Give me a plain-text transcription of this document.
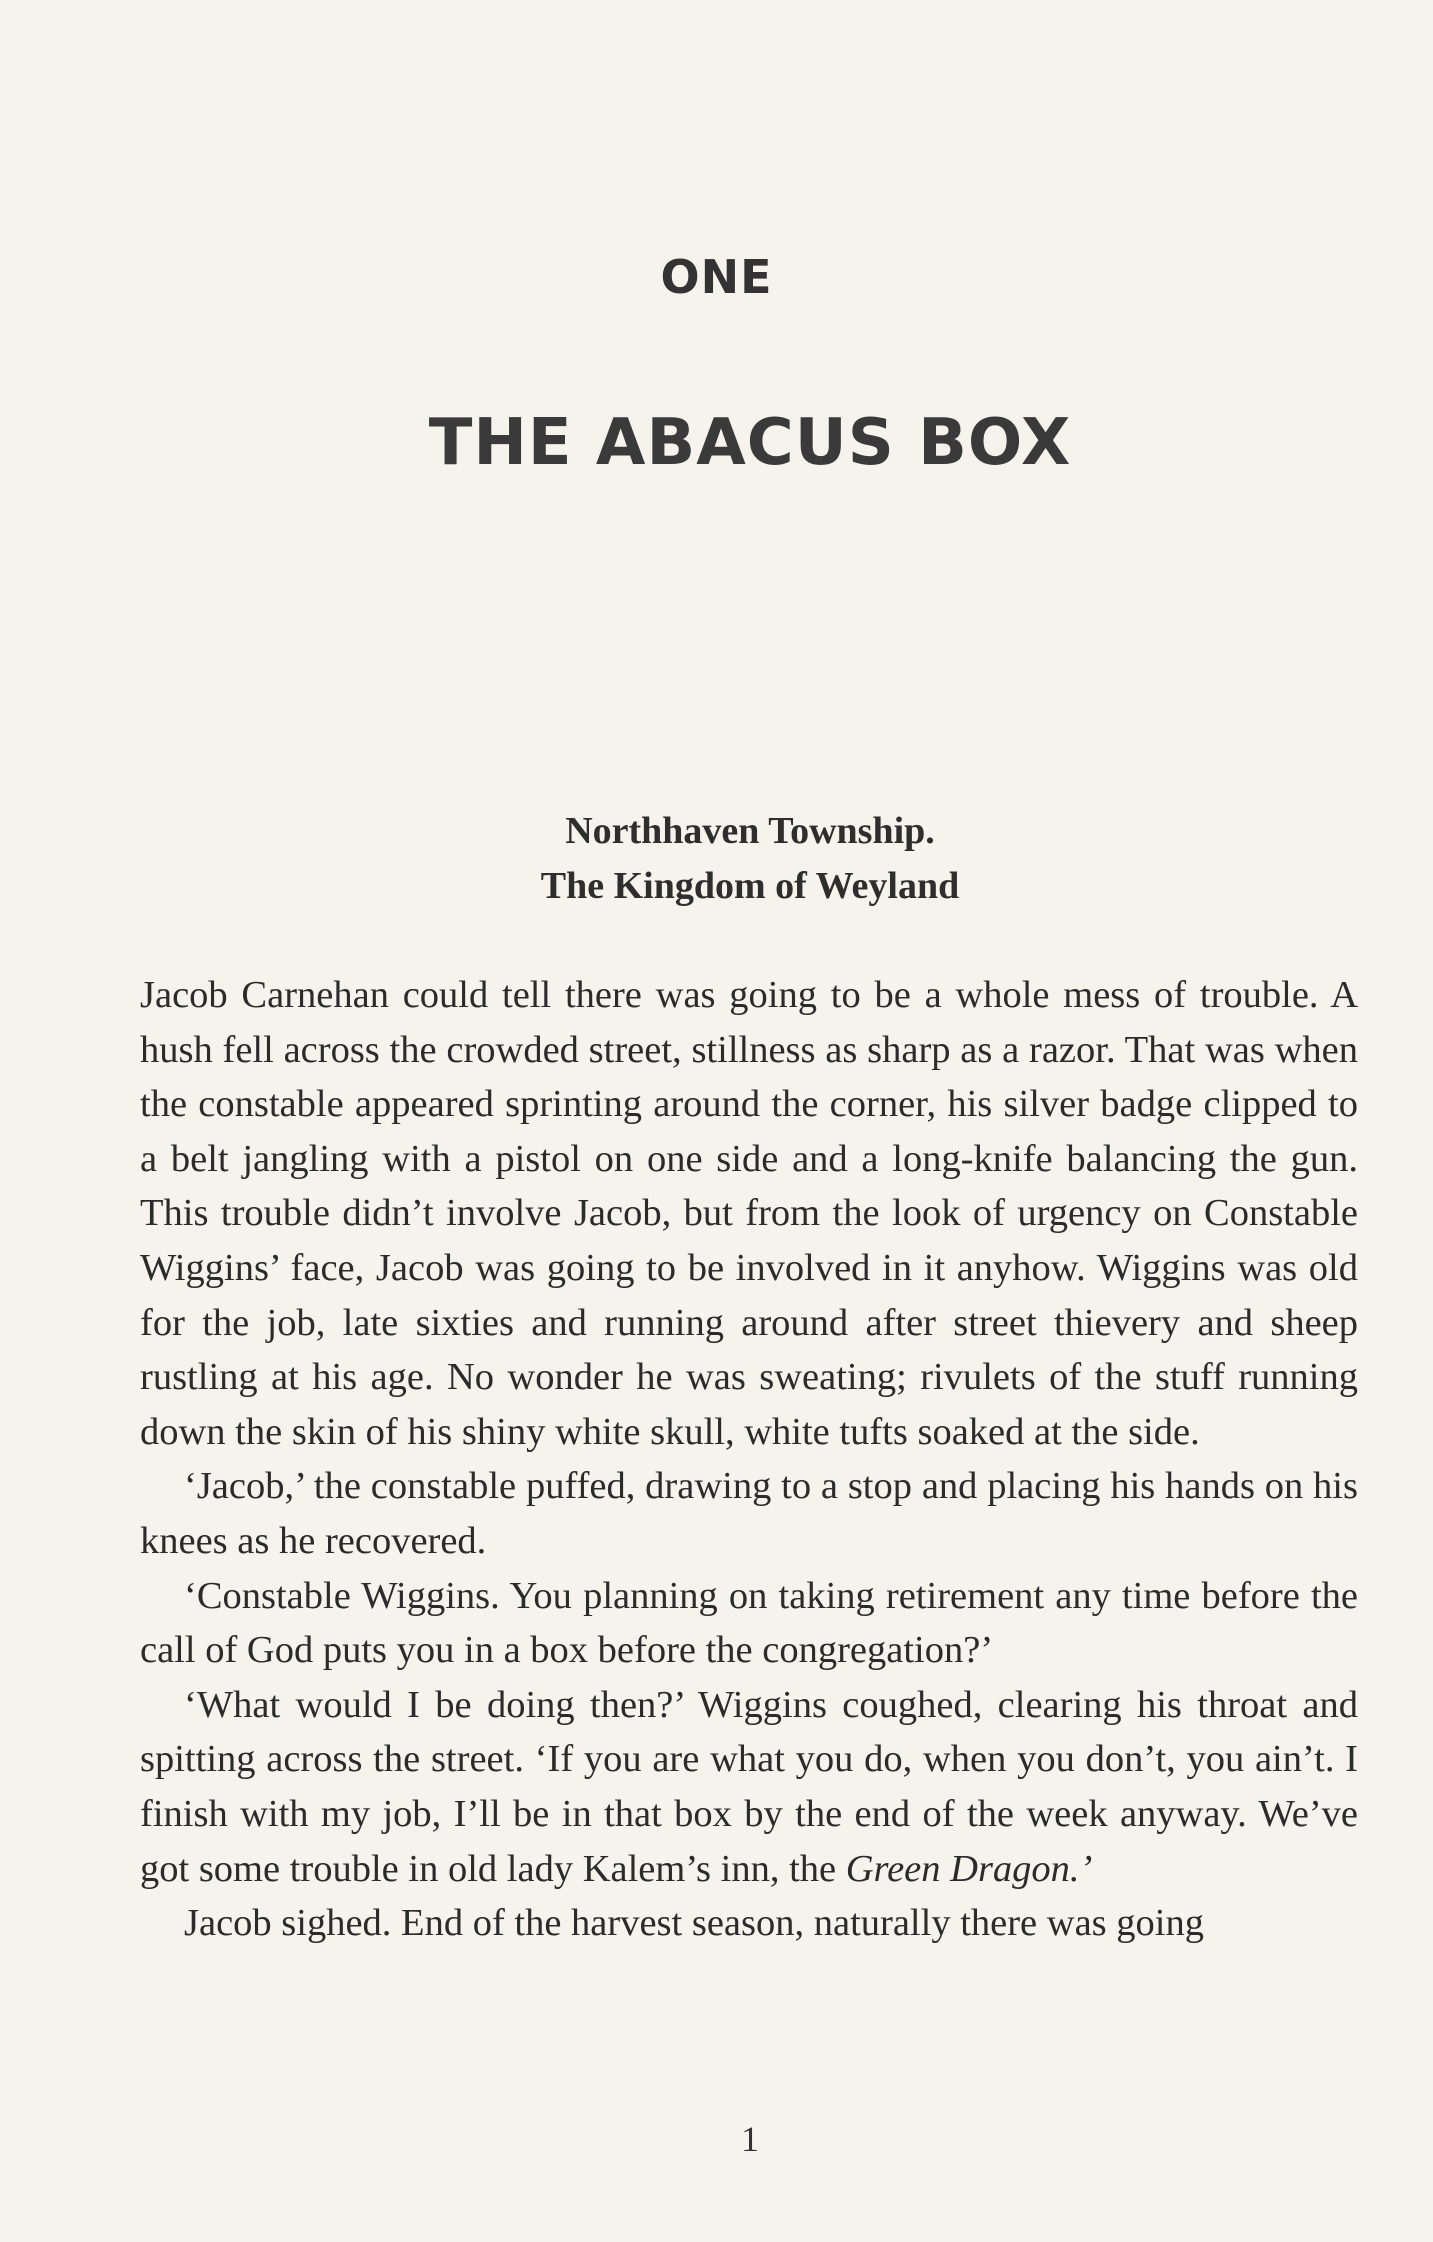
ONE
THE ABACUS BOX
Northhaven Township.
The Kingdom of Weyland

Jacob Carnehan could tell there was going to be a whole mess of trouble. A hush fell across the crowded street, stillness as sharp as a razor. That was when the constable appeared sprinting around the corner, his silver badge clipped to a belt jangling with a pistol on one side and a long-knife balancing the gun. This trouble didn’t involve Jacob, but from the look of urgency on Constable Wiggins’ face, Jacob was going to be involved in it anyhow. Wiggins was old for the job, late sixties and running around after street thievery and sheep rustling at his age. No wonder he was sweating; rivulets of the stuff running down the skin of his shiny white skull, white tufts soaked at the side.

‘Jacob,’ the constable puffed, drawing to a stop and placing his hands on his knees as he recovered.

‘Constable Wiggins. You planning on taking retirement any time before the call of God puts you in a box before the congregation?’

‘What would I be doing then?’ Wiggins coughed, clearing his throat and spitting across the street. ‘If you are what you do, when you don’t, you ain’t. I finish with my job, I’ll be in that box by the end of the week anyway. We’ve got some trouble in old lady Kalem’s inn, the Green Dragon.’

Jacob sighed. End of the harvest season, naturally there was going

1
